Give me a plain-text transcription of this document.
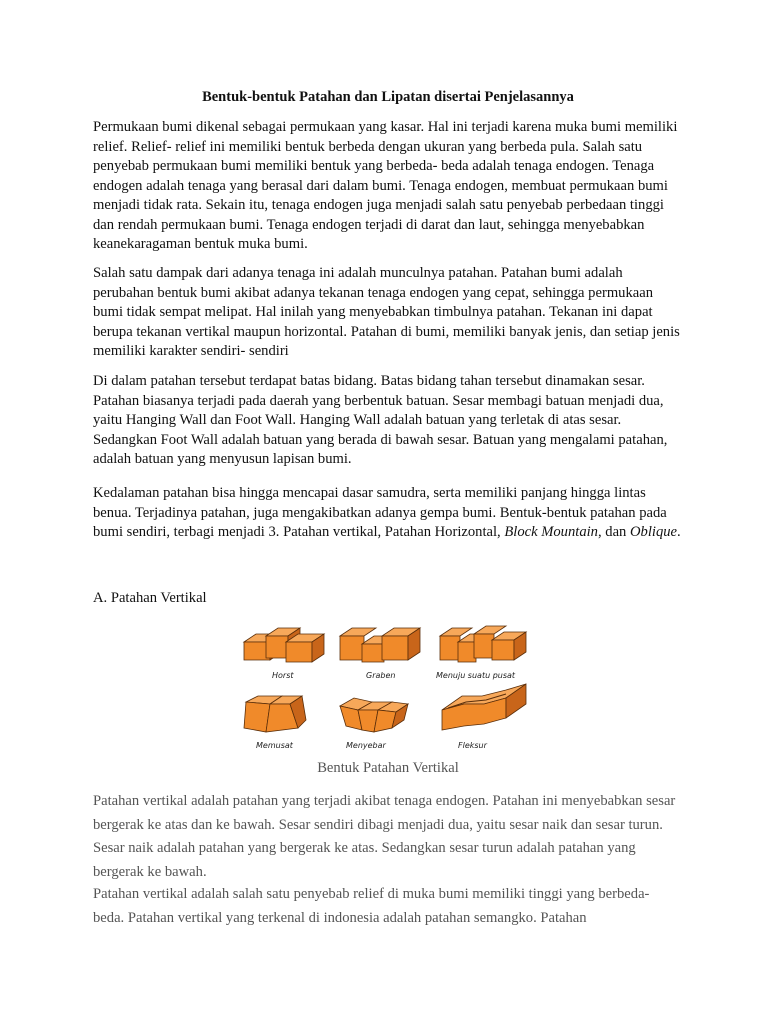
Bentuk-bentuk Patahan dan Lipatan disertai Penjelasannya

Permukaan bumi dikenal sebagai permukaan yang kasar. Hal ini terjadi karena muka bumi memiliki relief. Relief- relief ini memiliki bentuk berbeda dengan ukuran yang berbeda pula. Salah satu penyebab permukaan bumi memiliki bentuk yang berbeda- beda adalah tenaga endogen. Tenaga endogen adalah tenaga yang berasal dari dalam bumi. Tenaga endogen, membuat permukaan bumi menjadi tidak rata. Sekain itu, tenaga endogen juga menjadi salah satu penyebab perbedaan tinggi dan rendah permukaan bumi. Tenaga endogen terjadi di darat dan laut, sehingga menyebabkan keanekaragaman bentuk muka bumi.

Salah satu dampak dari adanya tenaga ini adalah munculnya patahan. Patahan bumi adalah perubahan bentuk bumi akibat adanya tekanan tenaga endogen yang cepat, sehingga permukaan bumi tidak sempat melipat. Hal inilah yang menyebabkan timbulnya patahan. Tekanan ini dapat berupa tekanan vertikal maupun horizontal. Patahan di bumi, memiliki banyak jenis, dan setiap jenis memiliki karakter sendiri- sendiri

Di dalam patahan tersebut terdapat batas bidang. Batas bidang tahan tersebut dinamakan sesar. Patahan biasanya terjadi pada daerah yang berbentuk batuan. Sesar membagi batuan menjadi dua, yaitu Hanging Wall dan Foot Wall. Hanging Wall adalah batuan yang terletak di atas sesar. Sedangkan Foot Wall adalah batuan yang berada di bawah sesar. Batuan yang mengalami patahan, adalah batuan yang menyusun lapisan bumi.

Kedalaman patahan bisa hingga mencapai dasar samudra, serta memiliki panjang hingga lintas benua. Terjadinya patahan, juga mengakibatkan adanya gempa bumi. Bentuk-bentuk patahan pada bumi sendiri, terbagi menjadi 3. Patahan vertikal, Patahan Horizontal, Block Mountain, dan Oblique.

A. Patahan Vertikal
Horst	Graben	Menuju suatu pusat
Memusat	Menyebar	Fleksur
Bentuk Patahan Vertikal

Patahan vertikal adalah patahan yang terjadi akibat tenaga endogen. Patahan ini menyebabkan sesar bergerak ke atas dan ke bawah. Sesar sendiri dibagi menjadi dua, yaitu sesar naik dan sesar turun. Sesar naik adalah patahan yang bergerak ke atas. Sedangkan sesar turun adalah patahan yang bergerak ke bawah.

Patahan vertikal adalah salah satu penyebab relief di muka bumi memiliki tinggi yang berbeda- beda. Patahan vertikal yang terkenal di indonesia adalah patahan semangko. Patahan
